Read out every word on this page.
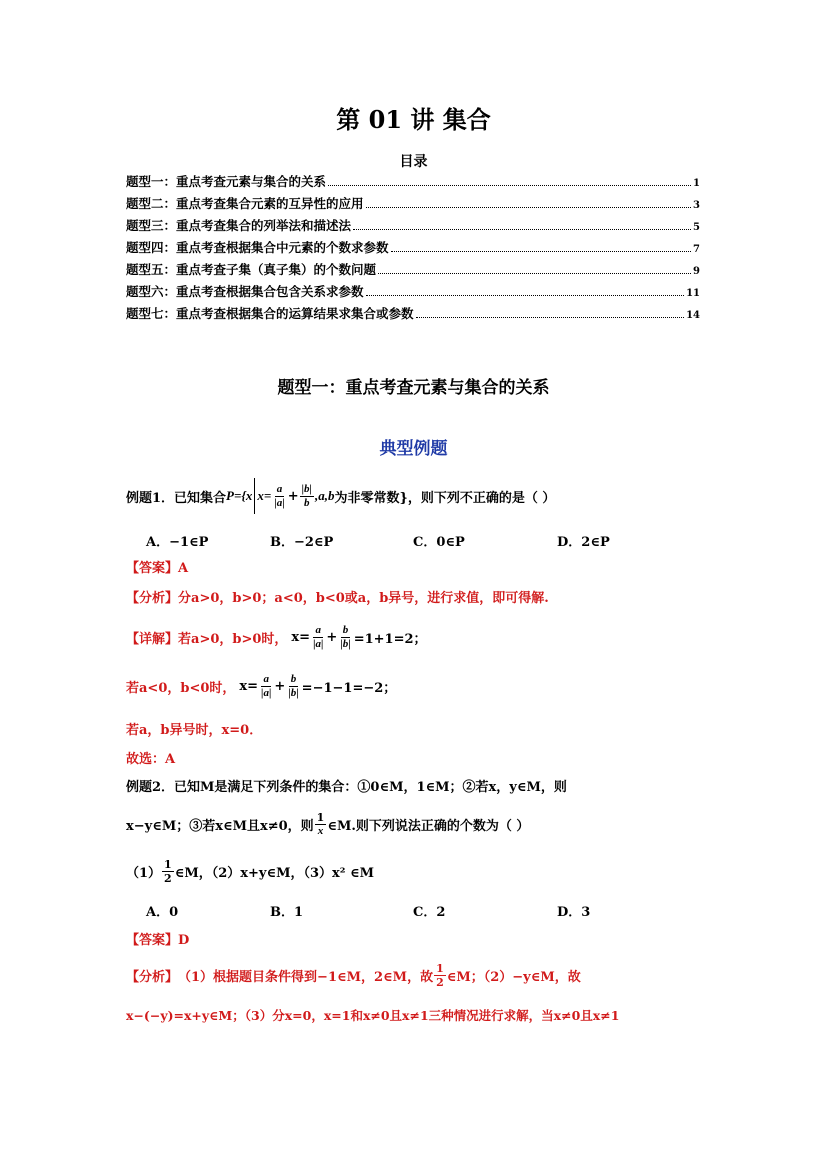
第 01 讲 集合
目录
题型一：重点考查元素与集合的关系	1
题型二：重点考查集合元素的互异性的应用	3
题型三：重点考查集合的列举法和描述法	5
题型四：重点考查根据集合中元素的个数求参数	7
题型五：重点考查子集（真子集）的个数问题	9
题型六：重点考查根据集合包含关系求参数	11
题型七：重点考查根据集合的运算结果求集合或参数	14
题型一：重点考查元素与集合的关系
典型例题
例题1．已知集合 P={x $x= \frac{a}{|a|} + \frac{|b|}{b} ,a,b$ 为非零常数}，则下列不正确的是（ ）
A．−1∈P	B．−2∈P	C．0∈P	D．2∈P
【答案】A
【分析】分a>0，b>0；a<0，b<0或a，b异号，进行求值，即可得解.
【详解】 若a>0，b>0时， $x= \frac{a}{|a|} + \frac{b}{|b|} =1+1=2$；
若a<0，b<0时， $x= \frac{a}{|a|} + \frac{b}{|b|} =-1-1=-2$；
若a，b异号时，x=0．
故选：A
例题2．已知M是满足下列条件的集合：①0∈M，1∈M；②若x，y∈M，则
x−y∈M；③若x∈M且x≠0，则 $\frac{1}{x}$ ∈M.则下列说法正确的个数为（ ）
$(1) \frac{1}{2}$ ∈M，（2）x+y∈M，（3）x² ∈M
A．0	B．1	C．2	D．3
【答案】D
【分析】 （1）根据题目条件得到−1∈M，2∈M，故 $\frac{1}{2}$ ∈M；（2）−y∈M，故
x−(−y)=x+y∈M；（3）分x=0，x=1和x≠0且x≠1三种情况进行求解，当x≠0且x≠1
